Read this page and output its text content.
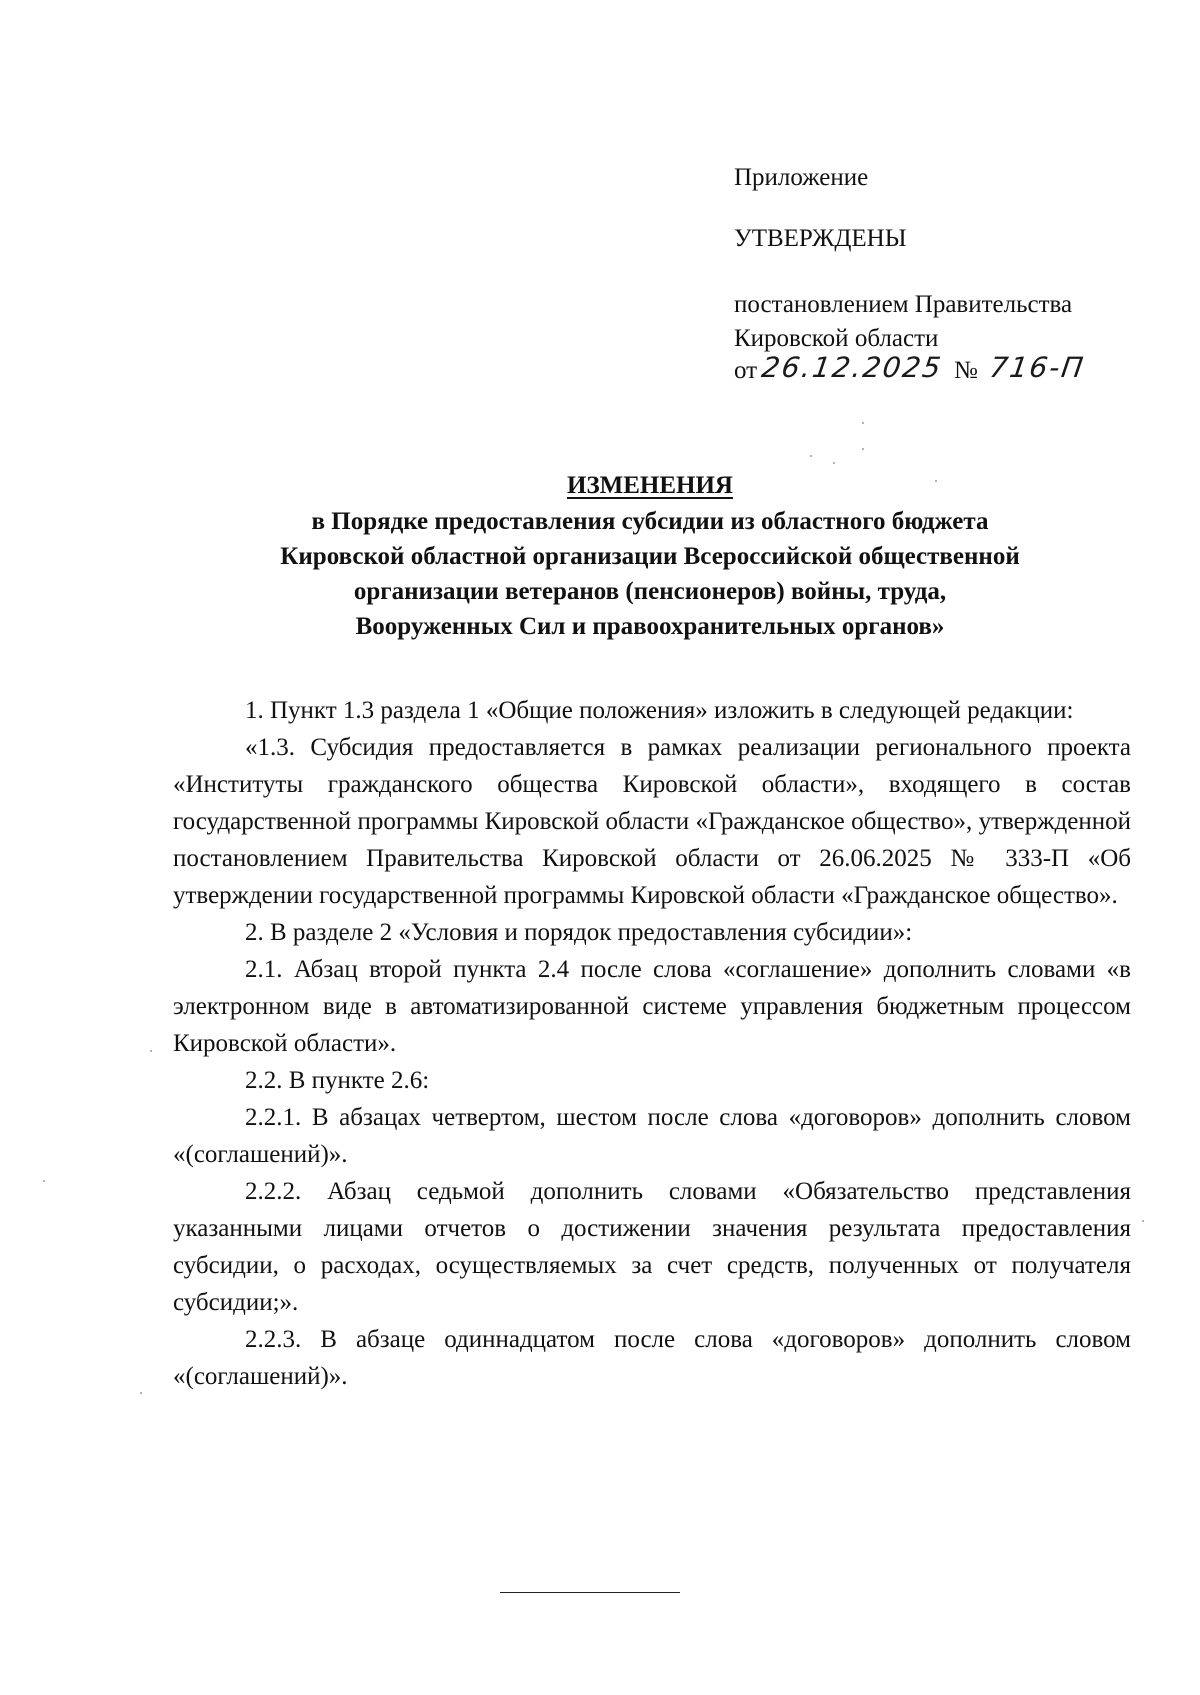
Приложение
УТВЕРЖДЕНЫ
постановлением Правительства
Кировской области
от 26.12.2025 № 716-П
ИЗМЕНЕНИЯ
в Порядке предоставления субсидии из областного бюджета
Кировской областной организации Всероссийской общественной
организации ветеранов (пенсионеров) войны, труда,
Вооруженных Сил и правоохранительных органов»

1. Пункт 1.3 раздела 1 «Общие положения» изложить в следующей редакции:

«1.3. Субсидия предоставляется в рамках реализации регионального проекта «Институты гражданского общества Кировской области», входящего в состав государственной программы Кировской области «Гражданское общество», утвержденной постановлением Правительства Кировской области от 26.06.2025 № 333-П «Об утверждении государственной программы Кировской области «Гражданское общество».

2. В разделе 2 «Условия и порядок предоставления субсидии»:

2.1. Абзац второй пункта 2.4 после слова «соглашение» дополнить словами «в электронном виде в автоматизированной системе управления бюджетным процессом Кировской области».

2.2. В пункте 2.6:

2.2.1. В абзацах четвертом, шестом после слова «договоров» дополнить словом «(соглашений)».

2.2.2. Абзац седьмой дополнить словами «Обязательство представления указанными лицами отчетов о достижении значения результата предоставления субсидии, о расходах, осуществляемых за счет средств, полученных от получателя субсидии;».

2.2.3. В абзаце одиннадцатом после слова «договоров» дополнить словом «(соглашений)».
